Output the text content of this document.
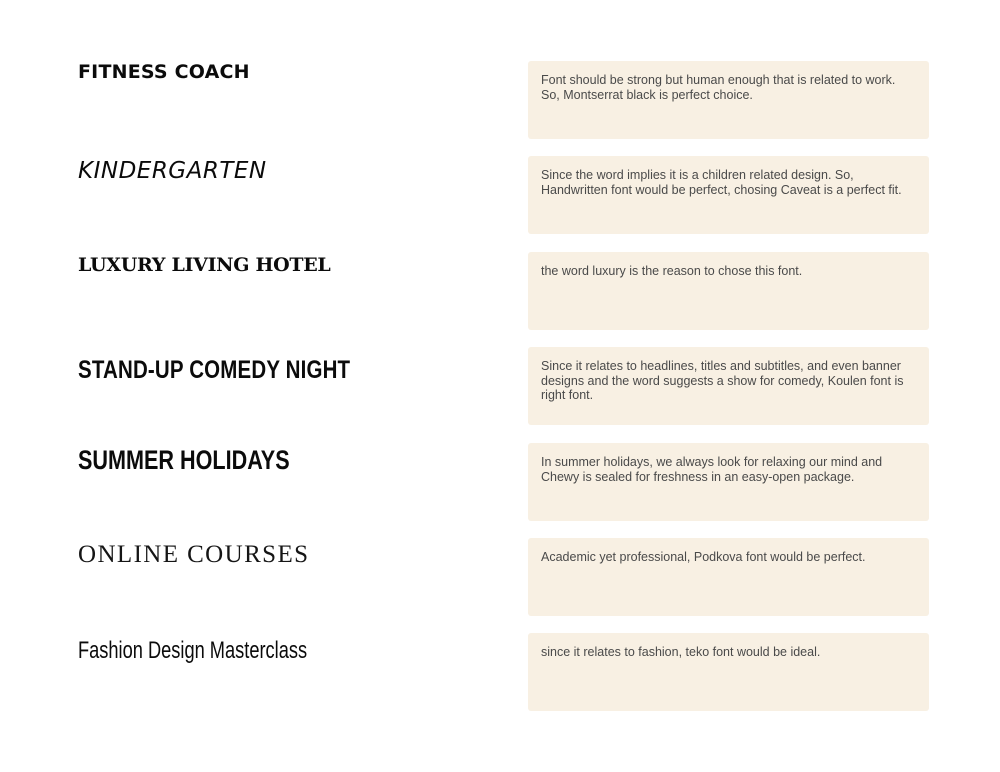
FITNESS COACH	Font should be strong but human enough that is related to work. So, Montserrat black is perfect choice.
KINDERGARTEN	Since the word implies it is a children related design. So, Handwritten font would be perfect, chosing Caveat is a perfect fit.
LUXURY LIVING HOTEL	the word luxury is the reason to chose this font.
STAND-UP COMEDY NIGHT	Since it relates to headlines, titles and subtitles, and even banner designs and the word suggests a show for comedy, Koulen font is right font.
SUMMER HOLIDAYS	In summer holidays, we always look for relaxing our mind and Chewy is sealed for freshness in an easy-open package.
ONLINE COURSES	Academic yet professional, Podkova font would be perfect.
Fashion Design Masterclass	since it relates to fashion, teko font would be ideal.
